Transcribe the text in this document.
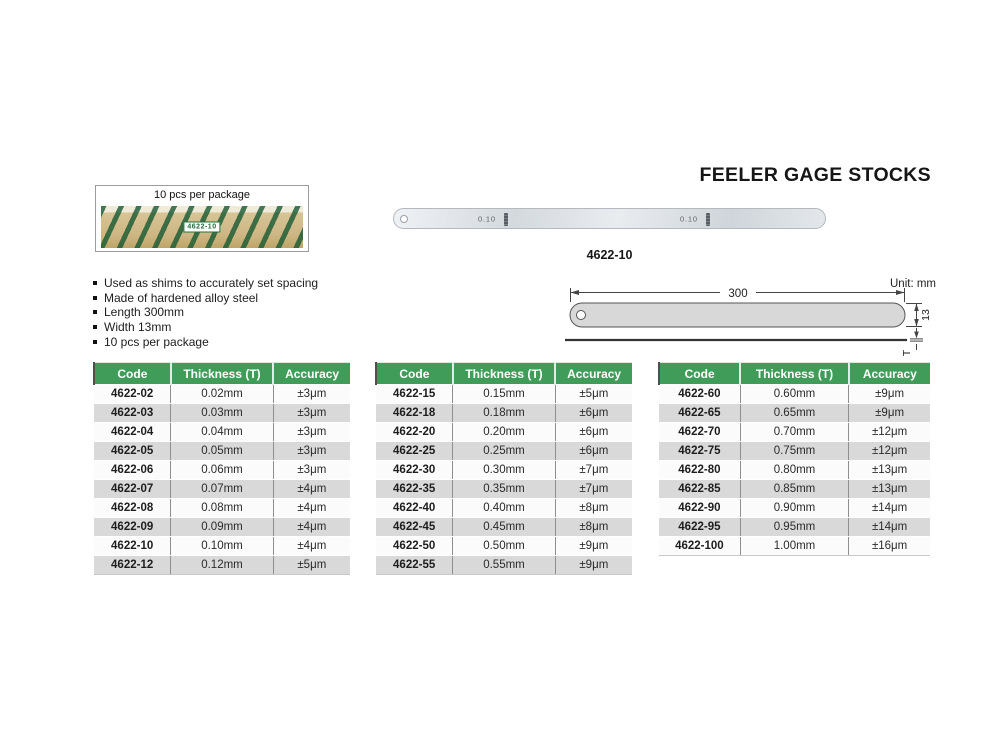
FEELER GAGE STOCKS
10 pcs per package
4622-10
Used as shims to accurately set spacing
Made of hardened alloy steel
Length 300mm
Width 13mm
10 pcs per package
0.10	0.10
4622-10
Unit: mm
300
13
T
Code	Thickness (T)	Accuracy
4622-02	0.02mm	±3μm
4622-03	0.03mm	±3μm
4622-04	0.04mm	±3μm
4622-05	0.05mm	±3μm
4622-06	0.06mm	±3μm
4622-07	0.07mm	±4μm
4622-08	0.08mm	±4μm
4622-09	0.09mm	±4μm
4622-10	0.10mm	±4μm
4622-12	0.12mm	±5μm
Code	Thickness (T)	Accuracy
4622-15	0.15mm	±5μm
4622-18	0.18mm	±6μm
4622-20	0.20mm	±6μm
4622-25	0.25mm	±6μm
4622-30	0.30mm	±7μm
4622-35	0.35mm	±7μm
4622-40	0.40mm	±8μm
4622-45	0.45mm	±8μm
4622-50	0.50mm	±9μm
4622-55	0.55mm	±9μm
Code	Thickness (T)	Accuracy
4622-60	0.60mm	±9μm
4622-65	0.65mm	±9μm
4622-70	0.70mm	±12μm
4622-75	0.75mm	±12μm
4622-80	0.80mm	±13μm
4622-85	0.85mm	±13μm
4622-90	0.90mm	±14μm
4622-95	0.95mm	±14μm
4622-100	1.00mm	±16μm
